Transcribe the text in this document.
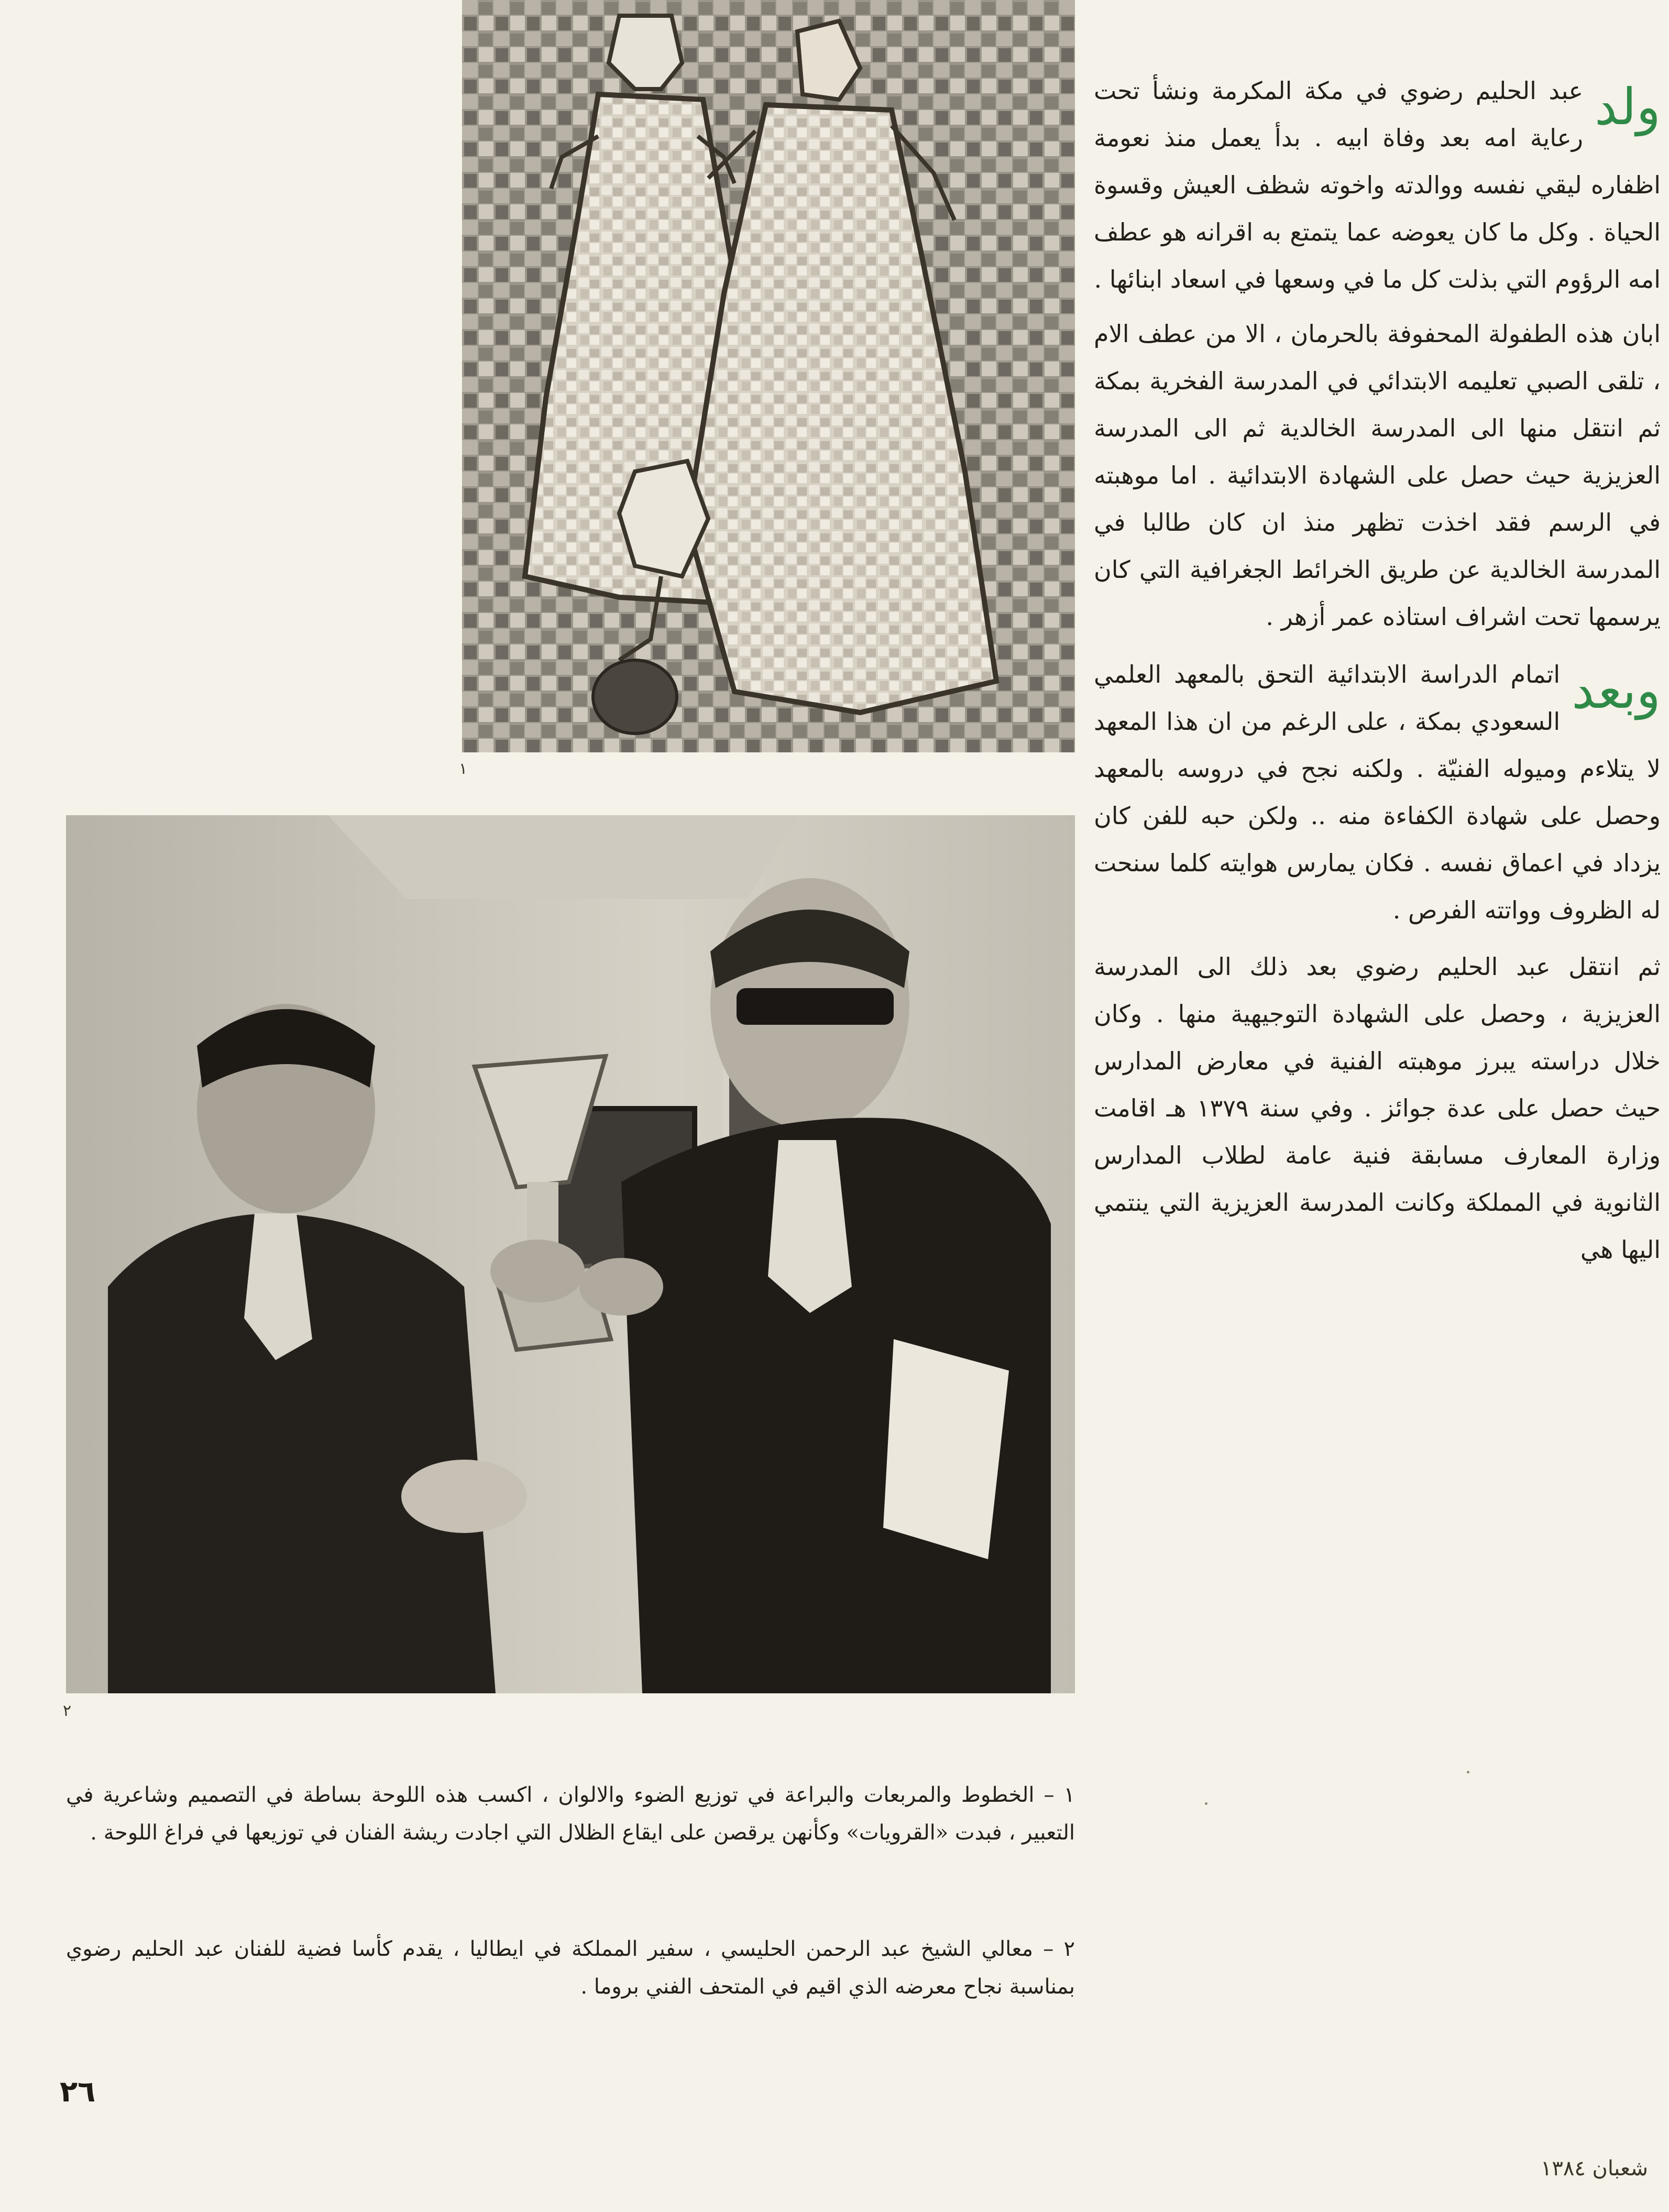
١
٢

ولد
عبد الحليم رضوي في مكة المكرمة ونشأ تحت رعاية امه بعد وفاة ابيه . بدأ يعمل منذ نعومة اظفاره ليقي نفسه ووالدته واخوته شظف العيش وقسوة الحياة . وكل ما كان يعوضه عما يتمتع به اقرانه هو عطف امه الرؤوم التي بذلت كل ما في وسعها في اسعاد ابنائها .

ابان هذه الطفولة المحفوفة بالحرمان ، الا من عطف الام ، تلقى الصبي تعليمه الابتدائي في المدرسة الفخرية بمكة ثم انتقل منها الى المدرسة الخالدية ثم الى المدرسة العزيزية حيث حصل على الشهادة الابتدائية . اما موهبته في الرسم فقد اخذت تظهر منذ ان كان طالبا في المدرسة الخالدية عن طريق الخرائط الجغرافية التي كان يرسمها تحت اشراف استاذه عمر أزهر .

وبعد
اتمام الدراسة الابتدائية التحق بالمعهد العلمي السعودي بمكة ، على الرغم من ان هذا المعهد لا يتلاءم وميوله الفنيّة . ولكنه نجح في دروسه بالمعهد وحصل على شهادة الكفاءة منه .. ولكن حبه للفن كان يزداد في اعماق نفسه . فكان يمارس هوايته كلما سنحت له الظروف وواتته الفرص .

ثم انتقل عبد الحليم رضوي بعد ذلك الى المدرسة العزيزية ، وحصل على الشهادة التوجيهية منها . وكان خلال دراسته يبرز موهبته الفنية في معارض المدارس حيث حصل على عدة جوائز . وفي سنة ١٣٧٩ هـ اقامت وزارة المعارف مسابقة فنية عامة لطلاب المدارس الثانوية في المملكة وكانت المدرسة العزيزية التي ينتمي اليها هي

١ – الخطوط والمربعات والبراعة في توزيع الضوء والالوان ، اكسب هذه اللوحة بساطة في التصميم وشاعرية في التعبير ، فبدت «القرويات» وكأنهن يرقصن على ايقاع الظلال التي اجادت ريشة الفنان في توزيعها في فراغ اللوحة .
٢ – معالي الشيخ عبد الرحمن الحليسي ، سفير المملكة في ايطاليا ، يقدم كأسا فضية للفنان عبد الحليم رضوي بمناسبة نجاح معرضه الذي اقيم في المتحف الفني بروما .
٢٦
شعبان ١٣٨٤
